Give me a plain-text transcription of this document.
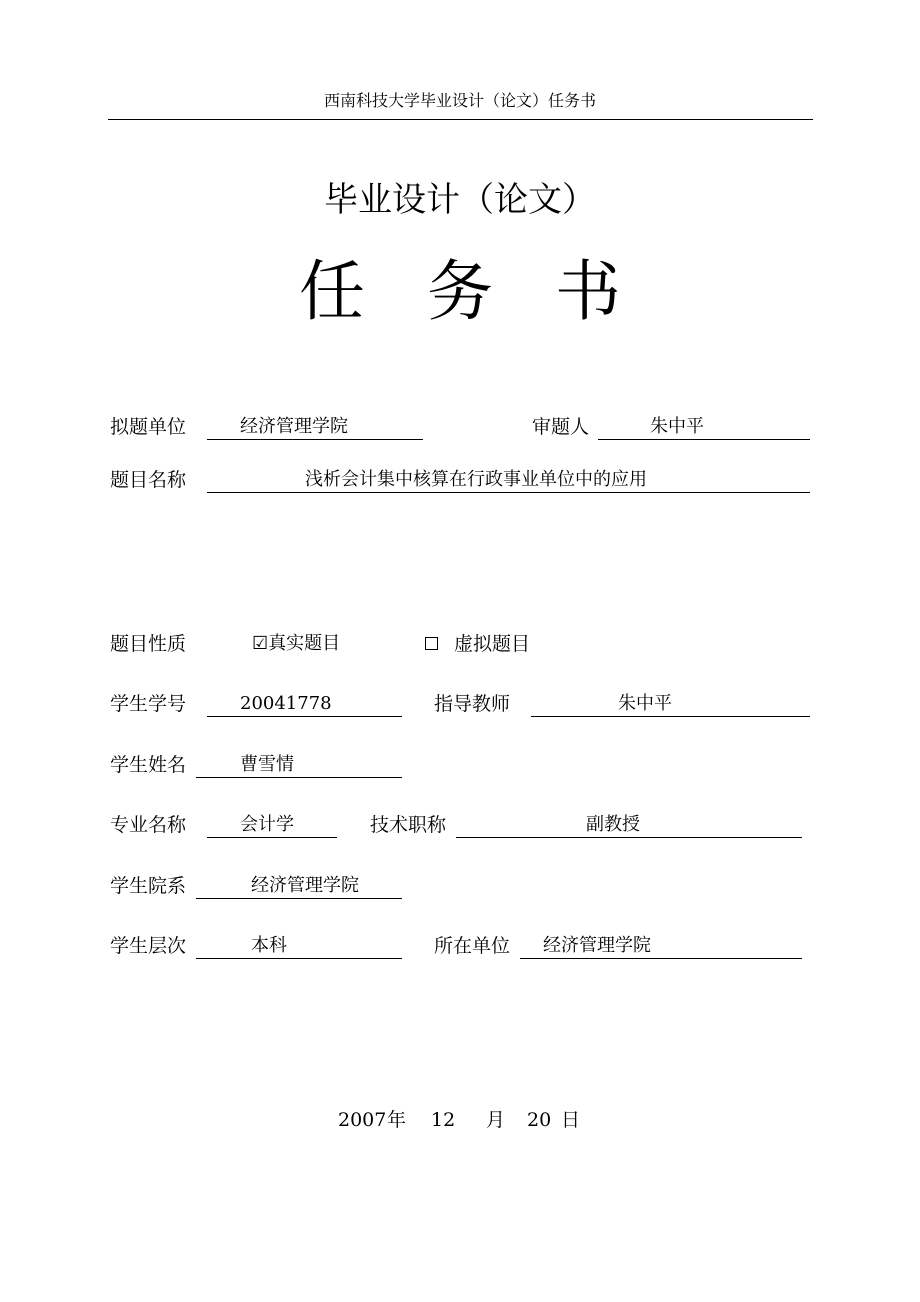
西南科技大学毕业设计（论文）任务书
毕业设计（论文）
任务书
拟题单位	经济管理学院	审题人	朱中平
题目名称	浅析会计集中核算在行政事业单位中的应用
题目性质	☑真实题目	虚拟题目
学生学号	20041778	指导教师	朱中平
学生姓名	曹雪情
专业名称	会计学	技术职称	副教授
学生院系	经济管理学院
学生层次	本科	所在单位 经济管理学院
2007 年 12 月 20 日
